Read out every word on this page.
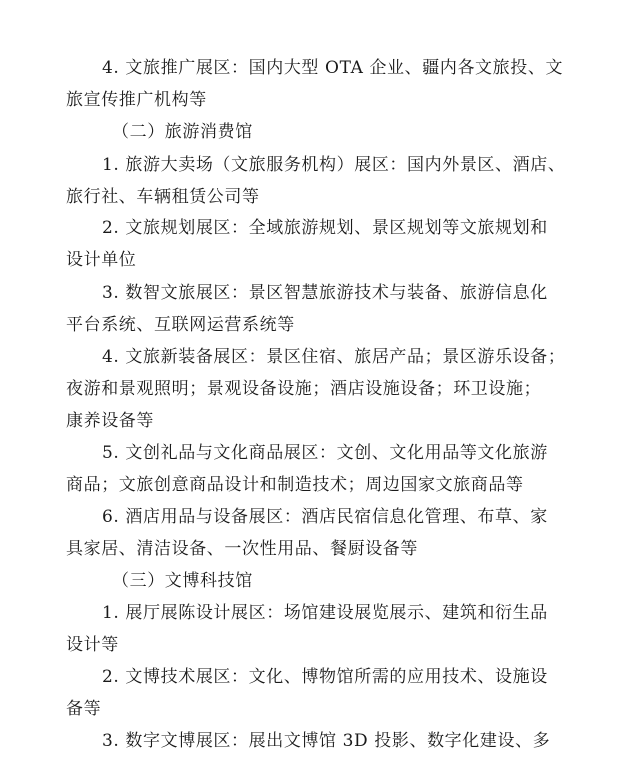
4. 文旅推广展区：国内大型 OTA 企业、疆内各文旅投、文
旅宣传推广机构等
（二）旅游消费馆
1. 旅游大卖场（文旅服务机构）展区：国内外景区、酒店、
旅行社、车辆租赁公司等
2. 文旅规划展区：全域旅游规划、景区规划等文旅规划和
设计单位
3. 数智文旅展区：景区智慧旅游技术与装备、旅游信息化
平台系统、互联网运营系统等
4. 文旅新装备展区：景区住宿、旅居产品；景区游乐设备；
夜游和景观照明；景观设备设施；酒店设施设备；环卫设施；
康养设备等
5. 文创礼品与文化商品展区：文创、文化用品等文化旅游
商品；文旅创意商品设计和制造技术；周边国家文旅商品等
6. 酒店用品与设备展区：酒店民宿信息化管理、布草、家
具家居、清洁设备、一次性用品、餐厨设备等
（三）文博科技馆
1. 展厅展陈设计展区：场馆建设展览展示、建筑和衍生品
设计等
2. 文博技术展区：文化、博物馆所需的应用技术、设施设
备等
3. 数字文博展区：展出文博馆 3D 投影、数字化建设、多
